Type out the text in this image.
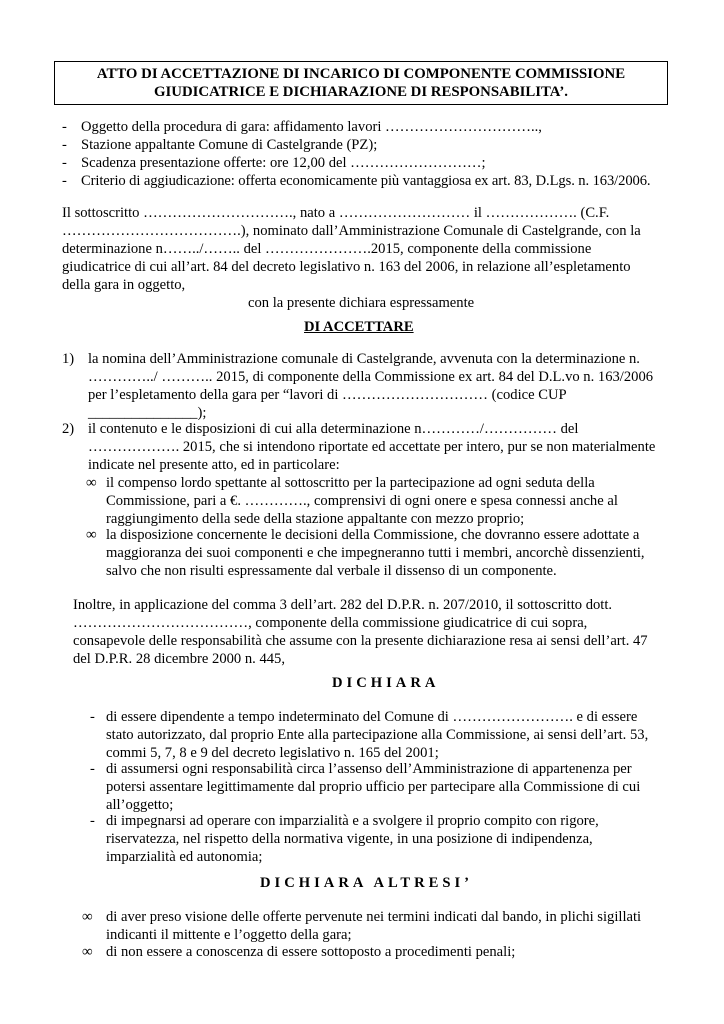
ATTO DI ACCETTAZIONE DI INCARICO DI COMPONENTE COMMISSIONE
GIUDICATRICE E DICHIARAZIONE DI RESPONSABILITA’.
- Oggetto della procedura di gara: affidamento lavori …………………………..,
- Stazione appaltante Comune di Castelgrande (PZ);
- Scadenza presentazione offerte: ore 12,00 del ………………………;
- Criterio di aggiudicazione: offerta economicamente più vantaggiosa ex art. 83, D.Lgs. n. 163/2006.
Il sottoscritto …………………………., nato a ……………………… il ………………. (C.F.
……………………………….), nominato dall’Amministrazione Comunale di Castelgrande, con la
determinazione n……../…….. del ………………….2015, componente della commissione
giudicatrice di cui all’art. 84 del decreto legislativo n. 163 del 2006, in relazione all’espletamento
della gara in oggetto,
con la presente dichiara espressamente
DI ACCETTARE
1) la nomina dell’Amministrazione comunale di Castelgrande, avvenuta con la determinazione n.
…………../ ……….. 2015, di componente della Commissione ex art. 84 del D.L.vo n. 163/2006
per l’espletamento della gara per “lavori di ………………………… (codice CUP
_______________);
2) il contenuto e le disposizioni di cui alla determinazione n…………/…………… del
………………. 2015, che si intendono riportate ed accettate per intero, pur se non materialmente
indicate nel presente atto, ed in particolare:
∞ il compenso lordo spettante al sottoscritto per la partecipazione ad ogni seduta della
Commissione, pari a €. …………., comprensivi di ogni onere e spesa connessi anche al
raggiungimento della sede della stazione appaltante con mezzo proprio;
∞ la disposizione concernente le decisioni della Commissione, che dovranno essere adottate a
maggioranza dei suoi componenti e che impegneranno tutti i membri, ancorchè dissenzienti,
salvo che non risulti espressamente dal verbale il dissenso di un componente.
Inoltre, in applicazione del comma 3 dell’art. 282 del D.P.R. n. 207/2010, il sottoscritto dott.
………………………………, componente della commissione giudicatrice di cui sopra,
consapevole delle responsabilità che assume con la presente dichiarazione resa ai sensi dell’art. 47
del D.P.R. 28 dicembre 2000 n. 445,
DICHIARA
- di essere dipendente a tempo indeterminato del Comune di ……………………. e di essere
stato autorizzato, dal proprio Ente alla partecipazione alla Commissione, ai sensi dell’art. 53,
commi 5, 7, 8 e 9 del decreto legislativo n. 165 del 2001;
- di assumersi ogni responsabilità circa l’assenso dell’Amministrazione di appartenenza per
potersi assentare legittimamente dal proprio ufficio per partecipare alla Commissione di cui
all’oggetto;
- di impegnarsi ad operare con imparzialità e a svolgere il proprio compito con rigore,
riservatezza, nel rispetto della normativa vigente, in una posizione di indipendenza,
imparzialità ed autonomia;
DICHIARA ALTRESI’
∞ di aver preso visione delle offerte pervenute nei termini indicati dal bando, in plichi sigillati
indicanti il mittente e l’oggetto della gara;
∞ di non essere a conoscenza di essere sottoposto a procedimenti penali;
